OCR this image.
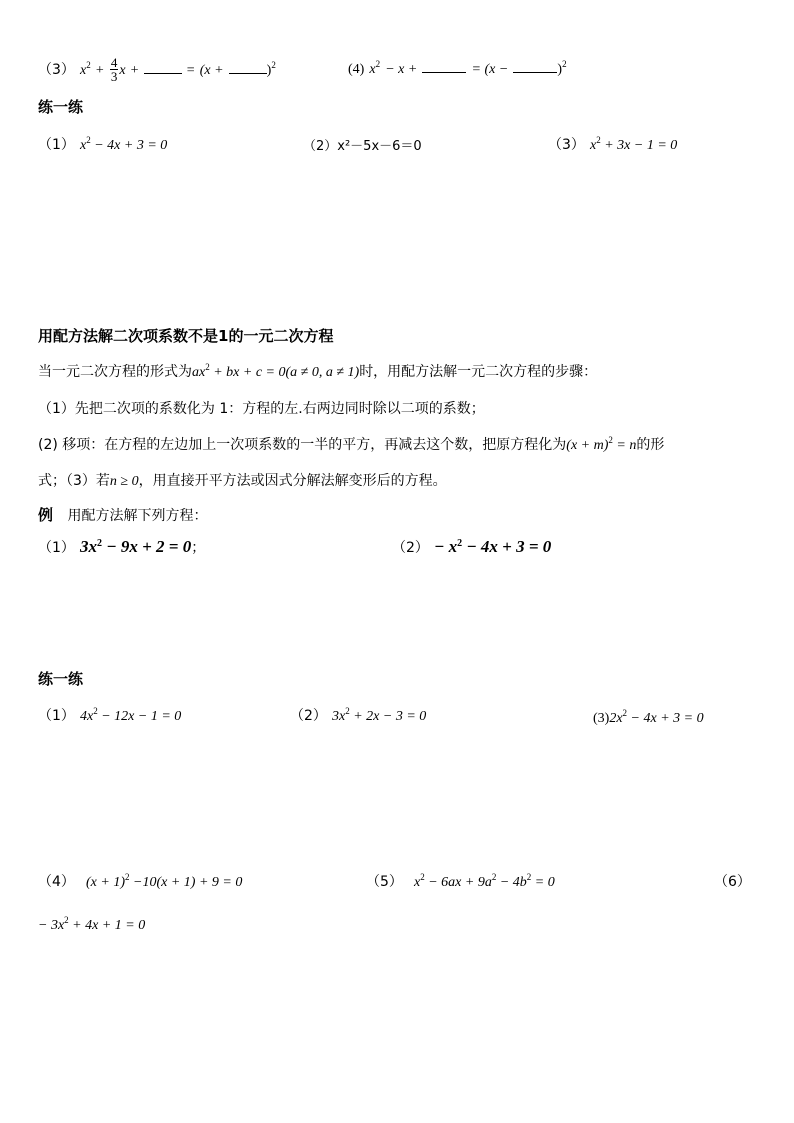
（3） $x^2 + \frac{4}{3}$ x +	= (x +	)$^2$	(4) $x^2 - x$ +	= (x −	)$^2$
练一练
（1） $x^2 - 4x + 3 = 0$	（2）x²－5x－6＝0	（3） $x^2 + 3x - 1 = 0$
用配方法解二次项系数不是1的一元二次方程
当一元二次方程的形式为$ax^2$ + bx + c = 0(a ≠ 0, a ≠ 1)时，用配方法解一元二次方程的步骤：
（1）先把二次项的系数化为 1：方程的左.右两边同时除以二项的系数；
(2) 移项：在方程的左边加上一次项系数的一半的平方，再减去这个数，把原方程化为$(x + m)^2 = n$的形
式；（3）若n ≥ 0，用直接开平方法或因式分解法解变形后的方程。
例 用配方法解下列方程：
（1） $3x^2 - 9x + 2 = 0$；	$(2) - x^2 - 4x + 3 = 0$
练一练
（1） $4x^2 - 12x - 1 = 0$	（2） $3x^2 + 2x - 3 = 0$	$(3)2x^2 - 4x + 3 = 0$
（4） $(x + 1)^2 -10(x + 1) + 9 = 0$	（5） $x^2 - 6ax + 9a^2 - 4b^2 = 0$	（6）
− $3x^2 + 4x + 1 = 0$
